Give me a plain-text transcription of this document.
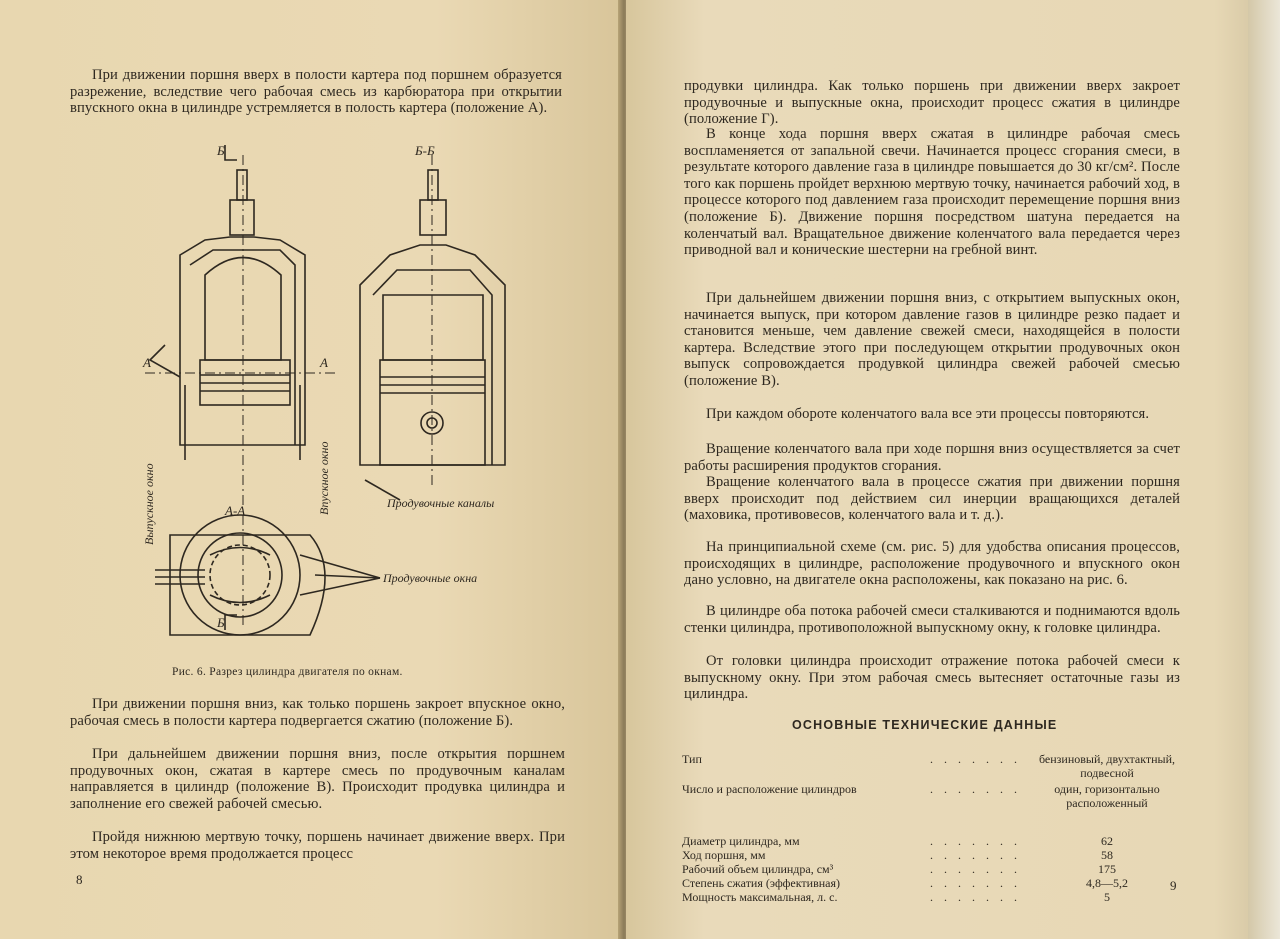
При движении поршня вверх в полости картера под поршнем образуется разрежение, вследствие чего рабочая смесь из карбюратора при открытии впускного окна в цилиндре устремляется в полость картера (положение А).

Б
Б
Б-Б
А-А
А	А
Выпускное окно	Впускное окно	Продувочные каналы
Продувочные окна
Рис. 6. Разрез цилиндра двигателя по окнам.

При движении поршня вниз, как только поршень закроет впускное окно, рабочая смесь в полости картера подвергается сжатию (положение Б).

При дальнейшем движении поршня вниз, после открытия поршнем продувочных окон, сжатая в картере смесь по продувочным каналам направляется в цилиндр (положение В). Происходит продувка цилиндра и заполнение его свежей рабочей смесью.

Пройдя нижнюю мертвую точку, поршень начинает движение вверх. При этом некоторое время продолжается процесс

8

продувки цилиндра. Как только поршень при движении вверх закроет продувочные и выпускные окна, происходит процесс сжатия в цилиндре (положение Г).

В конце хода поршня вверх сжатая в цилиндре рабочая смесь воспламеняется от запальной свечи. Начинается процесс сгорания смеси, в результате которого давление газа в цилиндре повышается до 30 кг/см². После того как поршень пройдет верхнюю мертвую точку, начинается рабочий ход, в процессе которого под давлением газа происходит перемещение поршня вниз (положение Б). Движение поршня посредством шатуна передается на коленчатый вал. Вращательное движение коленчатого вала передается через приводной вал и конические шестерни на гребной винт.

При дальнейшем движении поршня вниз, с открытием выпускных окон, начинается выпуск, при котором давление газов в цилиндре резко падает и становится меньше, чем давление свежей смеси, находящейся в полости картера. Вследствие этого при последующем открытии продувочных окон выпуск сопровождается продувкой цилиндра свежей рабочей смесью (положение В).

При каждом обороте коленчатого вала все эти процессы повторяются.

Вращение коленчатого вала при ходе поршня вниз осуществляется за счет работы расширения продуктов сгорания.

Вращение коленчатого вала в процессе сжатия при движении поршня вверх происходит под действием сил инерции вращающихся деталей (маховика, противовесов, коленчатого вала и т. д.).

На принципиальной схеме (см. рис. 5) для удобства описания процессов, происходящих в цилиндре, расположение продувочного и впускного окон дано условно, на двигателе окна расположены, как показано на рис. 6.

В цилиндре оба потока рабочей смеси сталкиваются и поднимаются вдоль стенки цилиндра, противоположной выпускному окну, к головке цилиндра.

От головки цилиндра происходит отражение потока рабочей смеси к выпускному окну. При этом рабочая смесь вытесняет остаточные газы из цилиндра.

ОСНОВНЫЕ ТЕХНИЧЕСКИЕ ДАННЫЕ
9
Тип	. . . . . . .	бензиновый, двухтактный, подвесной
Число и расположение цилиндров	. . . . . . .	один, горизонтально расположенный
Диаметр цилиндра, мм	. . . . . . .	62
Ход поршня, мм	. . . . . . .	58
Рабочий объем цилиндра, см³	. . . . . . .	175
Степень сжатия (эффективная)	. . . . . . .	4,8—5,2
Мощность максимальная, л. с.	. . . . . . .	5
